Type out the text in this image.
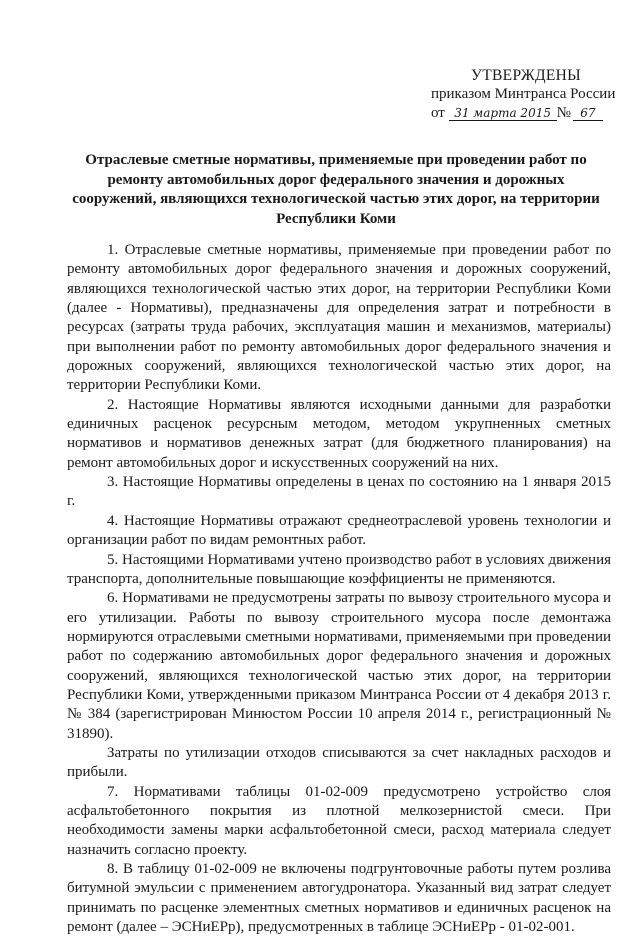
УТВЕРЖДЕНЫ
приказом Минтранса России
от 31 марта 2015 № 67
Отраслевые сметные нормативы, применяемые при проведении работ по ремонту автомобильных дорог федерального значения и дорожных сооружений, являющихся технологической частью этих дорог, на территории Республики Коми

1. Отраслевые сметные нормативы, применяемые при проведении работ по ремонту автомобильных дорог федерального значения и дорожных сооружений, являющихся технологической частью этих дорог, на территории Республики Коми (далее - Нормативы), предназначены для определения затрат и потребности в ресурсах (затраты труда рабочих, эксплуатация машин и механизмов, материалы) при выполнении работ по ремонту автомобильных дорог федерального значения и дорожных сооружений, являющихся технологической частью этих дорог, на территории Республики Коми.

2. Настоящие Нормативы являются исходными данными для разработки единичных расценок ресурсным методом, методом укрупненных сметных нормативов и нормативов денежных затрат (для бюджетного планирования) на ремонт автомобильных дорог и искусственных сооружений на них.

3. Настоящие Нормативы определены в ценах по состоянию на 1 января 2015 г.

4. Настоящие Нормативы отражают среднеотраслевой уровень технологии и организации работ по видам ремонтных работ.

5. Настоящими Нормативами учтено производство работ в условиях движения транспорта, дополнительные повышающие коэффициенты не применяются.

6. Нормативами не предусмотрены затраты по вывозу строительного мусора и его утилизации. Работы по вывозу строительного мусора после демонтажа нормируются отраслевыми сметными нормативами, применяемыми при проведении работ по содержанию автомобильных дорог федерального значения и дорожных сооружений, являющихся технологической частью этих дорог, на территории Республики Коми, утвержденными приказом Минтранса России от 4 декабря 2013 г. № 384 (зарегистрирован Минюстом России 10 апреля 2014 г., регистрационный № 31890).

Затраты по утилизации отходов списываются за счет накладных расходов и прибыли.

7. Нормативами таблицы 01-02-009 предусмотрено устройство слоя асфальтобетонного покрытия из плотной мелкозернистой смеси. При необходимости замены марки асфальтобетонной смеси, расход материала следует назначить согласно проекту.

8. В таблицу 01-02-009 не включены подгрунтовочные работы путем розлива битумной эмульсии с применением автогудронатора. Указанный вид затрат следует принимать по расценке элементных сметных нормативов и единичных расценок на ремонт (далее – ЭСНиЕРр), предусмотренных в таблице ЭСНиЕРр - 01-02-001.
